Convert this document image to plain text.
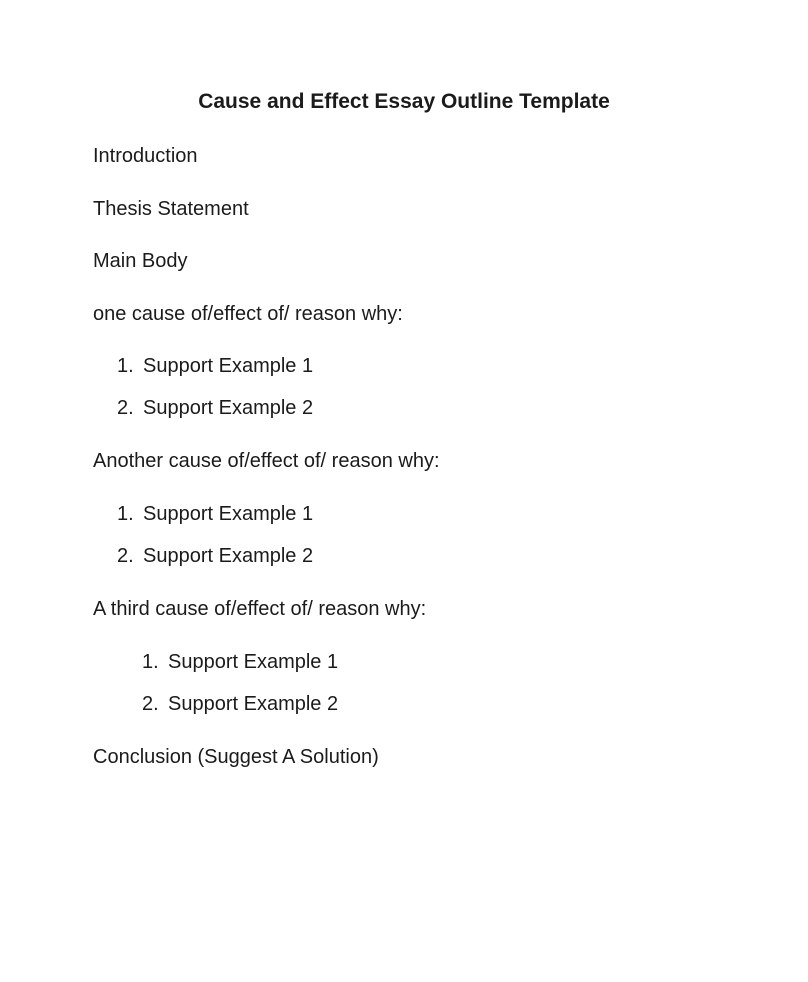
Cause and Effect Essay Outline Template

Introduction

Thesis Statement

Main Body

one cause of/effect of/ reason why:

1. Support Example 1
2. Support Example 2

Another cause of/effect of/ reason why:

1. Support Example 1
2. Support Example 2

A third cause of/effect of/ reason why:

1. Support Example 1
2. Support Example 2

Conclusion (Suggest A Solution)
